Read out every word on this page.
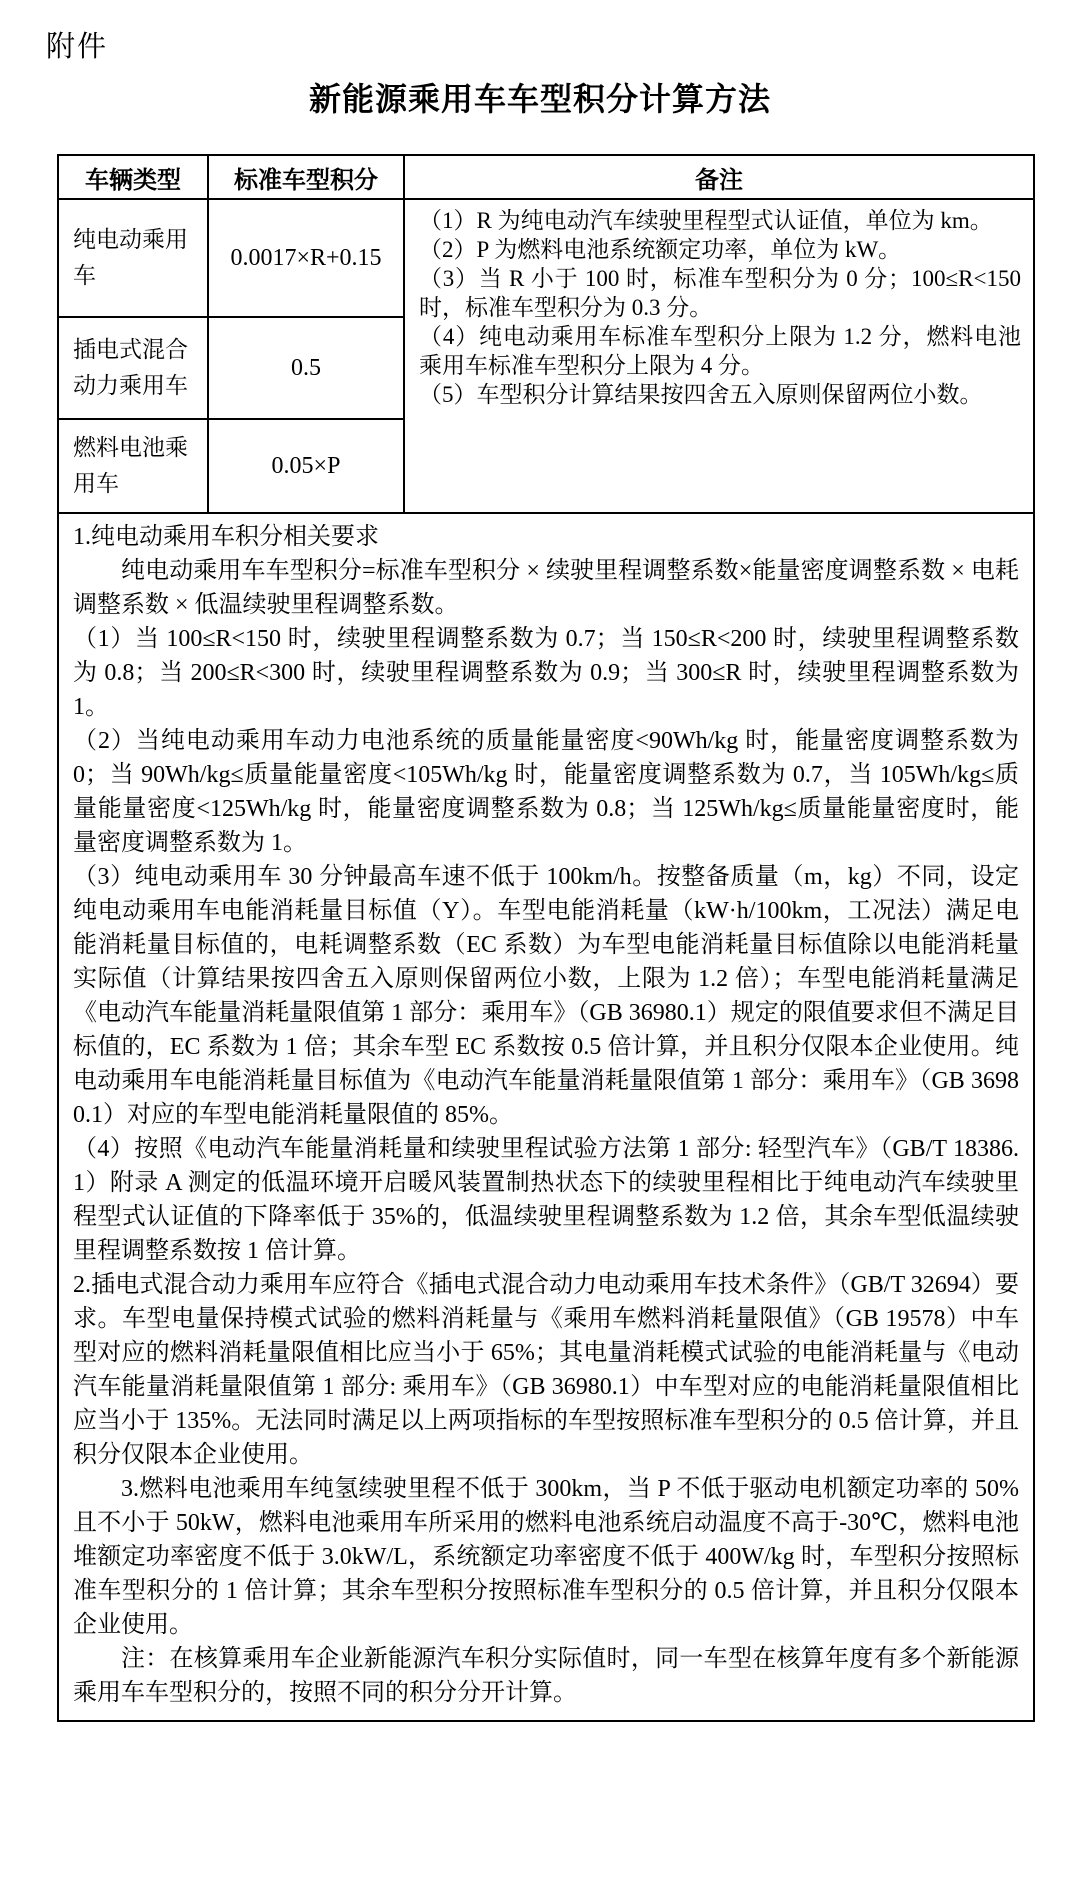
附件
新能源乘用车车型积分计算方法
车辆类型	标准车型积分	备注
纯电动乘用车	0.0017×R+0.15	（1）R 为纯电动汽车续驶里程型式认证值，单位为 km。

（2）P 为燃料电池系统额定功率，单位为 kW。

（3）当 R 小于 100 时，标准车型积分为 0 分；100≤R<150 时，标准车型积分为 0.3 分。

（4）纯电动乘用车标准车型积分上限为 1.2 分，燃料电池乘用车标准车型积分上限为 4 分。

（5）车型积分计算结果按四舍五入原则保留两位小数。

插电式混合动力乘用车	0.5	
燃料电池乘用车	0.05×P	

1.纯电动乘用车积分相关要求

纯电动乘用车车型积分=标准车型积分 × 续驶里程调整系数×能量密度调整系数 × 电耗调整系数 × 低温续驶里程调整系数。

（1）当 100≤R<150 时，续驶里程调整系数为 0.7；当 150≤R<200 时，续驶里程调整系数为 0.8；当 200≤R<300 时，续驶里程调整系数为 0.9；当 300≤R 时，续驶里程调整系数为 1。

（2）当纯电动乘用车动力电池系统的质量能量密度<90Wh/kg 时，能量密度调整系数为 0；当 90Wh/kg≤质量能量密度<105Wh/kg 时，能量密度调整系数为 0.7，当 105Wh/kg≤质量能量密度<125Wh/kg 时，能量密度调整系数为 0.8；当 125Wh/kg≤质量能量密度时，能量密度调整系数为 1。

（3）纯电动乘用车 30 分钟最高车速不低于 100km/h。按整备质量（m，kg）不同，设定纯电动乘用车电能消耗量目标值（Y）。车型电能消耗量（kW·h/100km，工况法）满足电能消耗量目标值的，电耗调整系数（EC 系数）为车型电能消耗量目标值除以电能消耗量实际值（计算结果按四舍五入原则保留两位小数，上限为 1.2 倍）；车型电能消耗量满足《电动汽车能量消耗量限值第 1 部分：乘用车》（GB 36980.1）规定的限值要求但不满足目标值的，EC 系数为 1 倍；其余车型 EC 系数按 0.5 倍计算，并且积分仅限本企业使用。纯电动乘用车电能消耗量目标值为《电动汽车能量消耗量限值第 1 部分：乘用车》（GB 36980.1）对应的车型电能消耗量限值的 85%。

（4）按照《电动汽车能量消耗量和续驶里程试验方法第 1 部分: 轻型汽车》（GB/T 18386.1）附录 A 测定的低温环境开启暖风装置制热状态下的续驶里程相比于纯电动汽车续驶里程型式认证值的下降率低于 35%的，低温续驶里程调整系数为 1.2 倍，其余车型低温续驶里程调整系数按 1 倍计算。

2.插电式混合动力乘用车应符合《插电式混合动力电动乘用车技术条件》（GB/T 32694）要求。车型电量保持模式试验的燃料消耗量与《乘用车燃料消耗量限值》（GB 19578）中车型对应的燃料消耗量限值相比应当小于 65%；其电量消耗模式试验的电能消耗量与《电动汽车能量消耗量限值第 1 部分: 乘用车》（GB 36980.1）中车型对应的电能消耗量限值相比应当小于 135%。无法同时满足以上两项指标的车型按照标准车型积分的 0.5 倍计算，并且积分仅限本企业使用。

3.燃料电池乘用车纯氢续驶里程不低于 300km，当 P 不低于驱动电机额定功率的 50%且不小于 50kW，燃料电池乘用车所采用的燃料电池系统启动温度不高于-30℃，燃料电池堆额定功率密度不低于 3.0kW/L，系统额定功率密度不低于 400W/kg 时，车型积分按照标准车型积分的 1 倍计算；其余车型积分按照标准车型积分的 0.5 倍计算，并且积分仅限本企业使用。

注：在核算乘用车企业新能源汽车积分实际值时，同一车型在核算年度有多个新能源乘用车车型积分的，按照不同的积分分开计算。
